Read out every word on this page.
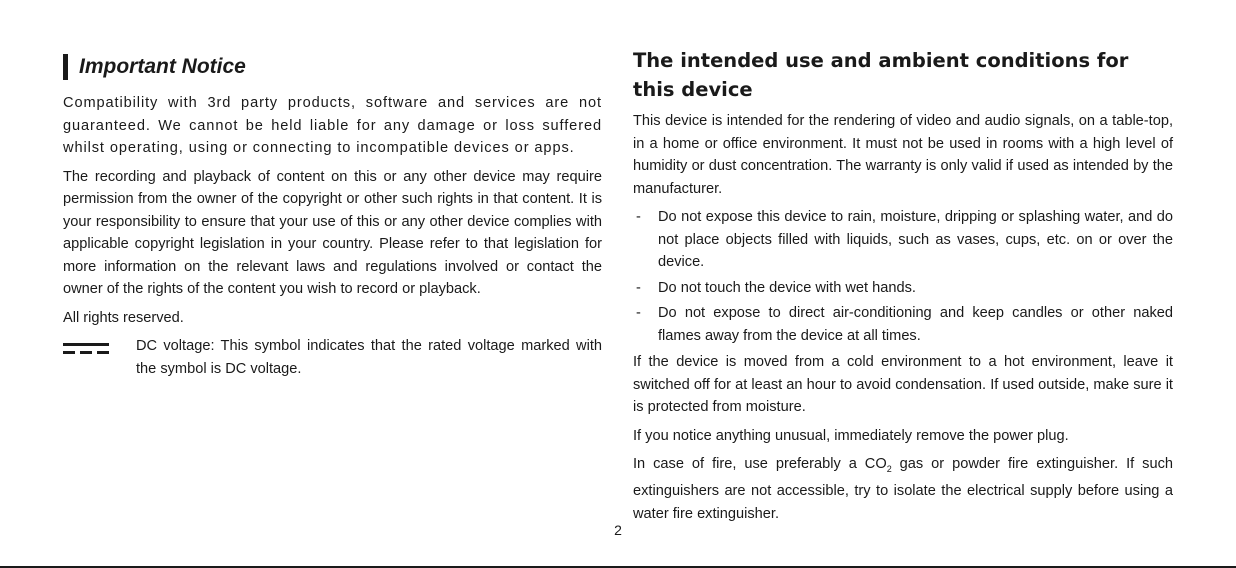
Important Notice

Compatibility with 3rd party products, software and services are not guaranteed. We cannot be held liable for any damage or loss suffered whilst operating, using or connecting to incompatible devices or apps.

The recording and playback of content on this or any other device may require permission from the owner of the copyright or other such rights in that content. It is your responsibility to ensure that your use of this or any other device complies with applicable copyright legislation in your country. Please refer to that legislation for more information on the relevant laws and regulations involved or contact the owner of the rights of the content you wish to record or playback.

All rights reserved.

DC voltage: This symbol indicates that the rated voltage marked with the symbol is DC voltage.

The intended use and ambient conditions for this device

This device is intended for the rendering of video and audio signals, on a table-top, in a home or office environment. It must not be used in rooms with a high level of humidity or dust concentration. The warranty is only valid if used as intended by the manufacturer.

-	Do not expose this device to rain, moisture, dripping or splashing water, and do not place objects filled with liquids, such as vases, cups, etc. on or over the device.
-	Do not touch the device with wet hands.
-	Do not expose to direct air-conditioning and keep candles or other naked flames away from the device at all times.

If the device is moved from a cold environment to a hot environment, leave it switched off for at least an hour to avoid condensation. If used outside, make sure it is protected from moisture.

If you notice anything unusual, immediately remove the power plug.

In case of fire, use preferably a $CO_2$ gas or powder fire extinguisher. If such extinguishers are not accessible, try to isolate the electrical supply before using a water fire extinguisher.

2
